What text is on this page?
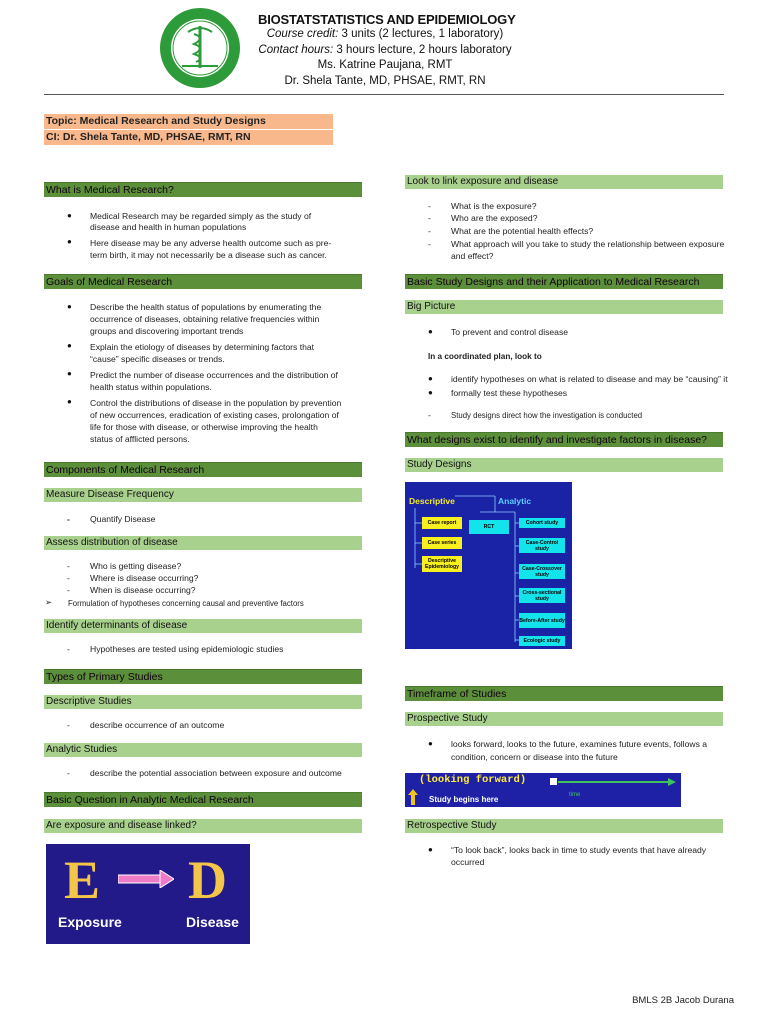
BIOSTATSTATISTICS AND EPIDEMIOLOGY
Course credit: 3 units (2 lectures, 1 laboratory)
Contact hours: 3 hours lecture, 2 hours laboratory
Ms. Katrine Paujana, RMT
Dr. Shela Tante, MD, PHSAE, RMT, RN
Topic: Medical Research and Study Designs
CI: Dr. Shela Tante, MD, PHSAE, RMT, RN
What is Medical Research?
● Medical Research may be regarded simply as the study of
disease and health in human populations
● Here disease may be any adverse health outcome such as pre-
term birth, it may not necessarily be a disease such as cancer.
Goals of Medical Research
● Describe the health status of populations by enumerating the
occurrence of diseases, obtaining relative frequencies within
groups and discovering important trends
● Explain the etiology of diseases by determining factors that
“cause” specific diseases or trends.
● Predict the number of disease occurrences and the distribution of
health status within populations.
● Control the distributions of disease in the population by prevention
of new occurrences, eradication of existing cases, prolongation of
life for those with disease, or otherwise improving the health
status of afflicted persons.
Components of Medical Research
Measure Disease Frequency
- Quantify Disease
Assess distribution of disease
- Who is getting disease?
- Where is disease occurring?
- When is disease occurring?
➢ Formulation of hypotheses concerning causal and preventive factors
Identify determinants of disease
- Hypotheses are tested using epidemiologic studies
Types of Primary Studies
Descriptive Studies
- describe occurrence of an outcome
Analytic Studies
- describe the potential association between exposure and outcome
Basic Question in Analytic Medical Research
Are exposure and disease linked?
E D
Exposure	Disease
Look to link exposure and disease
- What is the exposure?
- Who are the exposed?
- What are the potential health effects?
- What approach will you take to study the relationship between exposure
and effect?
Basic Study Designs and their Application to Medical Research
Big Picture
● To prevent and control disease
In a coordinated plan, look to
● identify hypotheses on what is related to disease and may be “causing” it
● formally test these hypotheses
-	Study designs direct how the investigation is conducted
What designs exist to identify and investigate factors in disease?
Study Designs
Descriptive	Analytic
Case report
Case series
Descriptive Epidemiology
RCT
Cohort study
Case-Control study
Case-Crossover study
Cross-sectional study
Before-After study
Ecologic study
Timeframe of Studies
Prospective Study
● looks forward, looks to the future, examines future events, follows a
condition, concern or disease into the future
(looking forward)
time
Study begins here
Retrospective Study
● “To look back”, looks back in time to study events that have already
occurred
BMLS 2B Jacob Durana
